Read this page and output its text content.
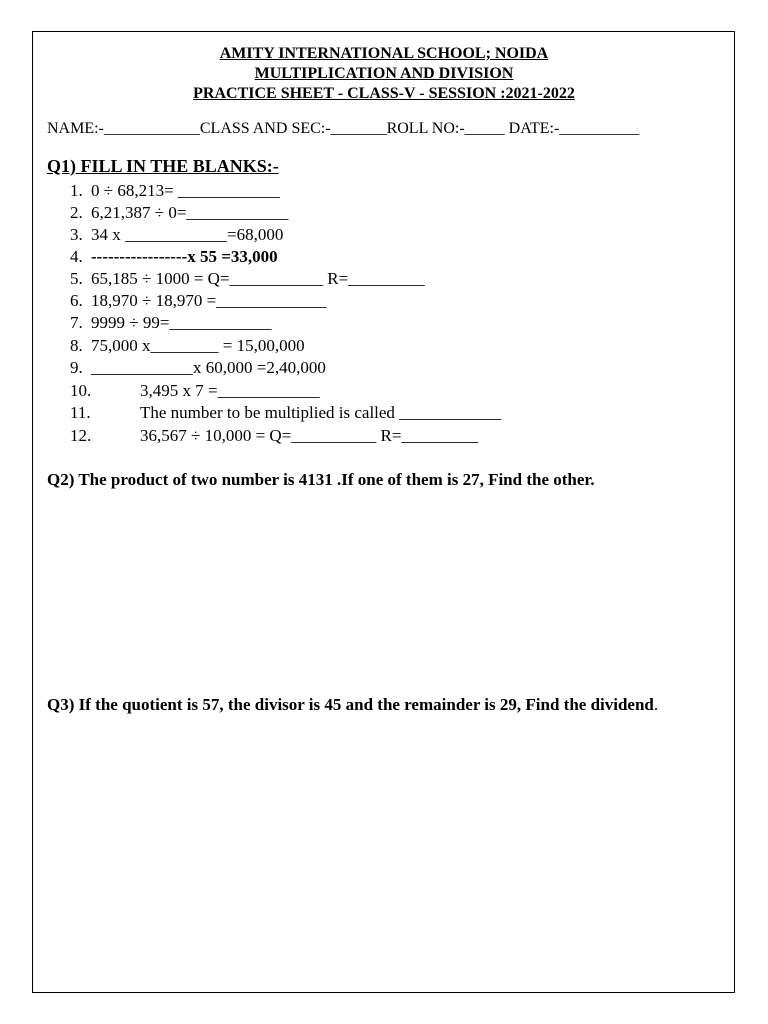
AMITY INTERNATIONAL SCHOOL; NOIDA
MULTIPLICATION AND DIVISION
PRACTICE SHEET - CLASS-V - SESSION :2021-2022
NAME:-____________CLASS AND SEC:-_______ROLL NO:-_____ DATE:-__________
Q1) FILL IN THE BLANKS:-
1. 0 ÷ 68,213= ____________
2. 6,21,387 ÷ 0=____________
3. 34 x ____________=68,000
4. -----------------x 55 =33,000
5. 65,185 ÷ 1000 = Q=___________ R=_________
6. 18,970 ÷ 18,970 =_____________
7. 9999 ÷ 99=____________
8. 75,000 x________ = 15,00,000
9. ____________x 60,000 =2,40,000
10.	3,495 x 7 =____________
11.	The number to be multiplied is called ____________
12.	36,567 ÷ 10,000 = Q=__________ R=_________
Q2) The product of two number is 4131 .If one of them is 27, Find the other.
Q3) If the quotient is 57, the divisor is 45 and the remainder is 29, Find the dividend.
